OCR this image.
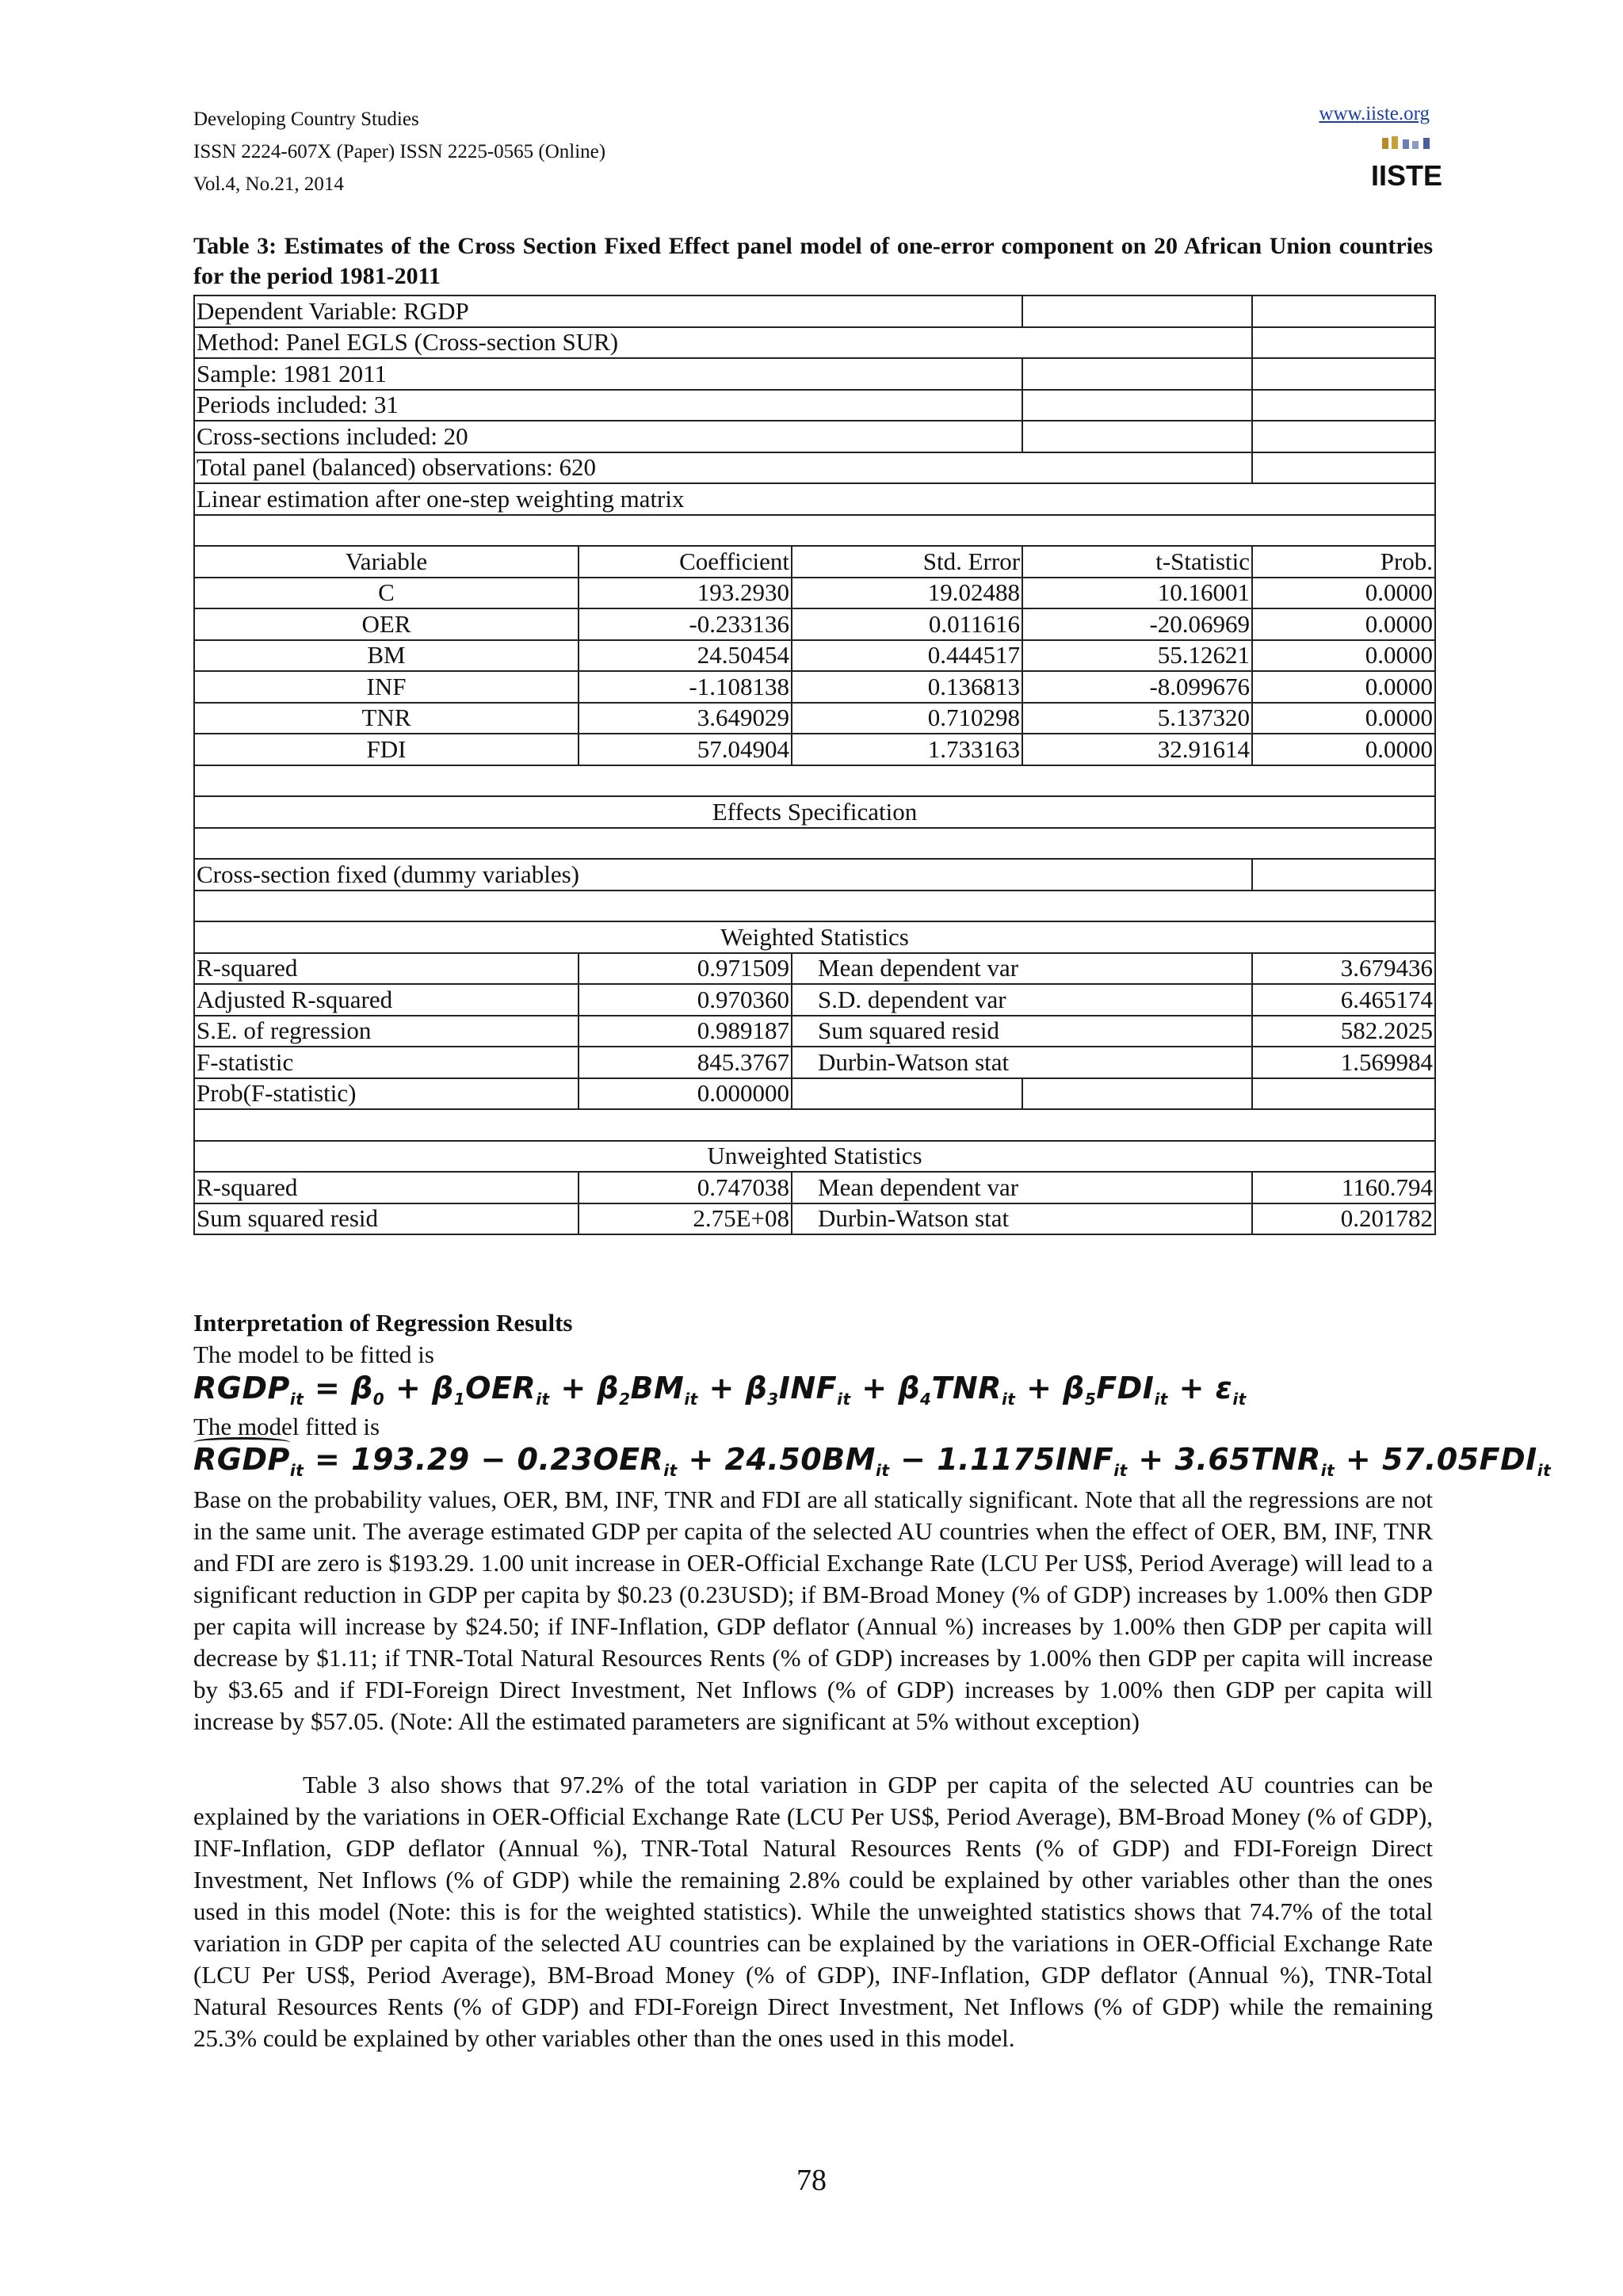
Developing Country Studies
ISSN 2224-607X (Paper) ISSN 2225-0565 (Online)
Vol.4, No.21, 2014
www.iiste.org
IISTE
Table 3: Estimates of the Cross Section Fixed Effect panel model of one-error component on 20 African Union countries for the period 1981-2011
Dependent Variable: RGDP				
Method: Panel EGLS (Cross-section SUR)				
Sample: 1981 2011				
Periods included: 31				
Cross-sections included: 20				
Total panel (balanced) observations: 620				
Linear estimation after one-step weighting matrix				

Variable	Coefficient	Std. Error	t-Statistic	Prob.
C	193.2930	19.02488	10.16001	0.0000
OER	-0.233136	0.011616	-20.06969	0.0000
BM	24.50454	0.444517	55.12621	0.0000
INF	-1.108138	0.136813	-8.099676	0.0000
TNR	3.649029	0.710298	5.137320	0.0000
FDI	57.04904	1.733163	32.91614	0.0000

Effects Specification				

Cross-section fixed (dummy variables)				

Weighted Statistics				
R-squared	0.971509	Mean dependent var		3.679436
Adjusted R-squared	0.970360	S.D. dependent var		6.465174
S.E. of regression	0.989187	Sum squared resid		582.2025
F-statistic	845.3767	Durbin-Watson stat		1.569984
Prob(F-statistic)	0.000000			

Unweighted Statistics				
R-squared	0.747038	Mean dependent var		1160.794
Sum squared resid	2.75E+08	Durbin-Watson stat		0.201782
Interpretation of Regression Results
The model to be fitted is
$RGDP_{it} = \beta_0 + \beta_1OER_{it} + \beta_2BM_{it} + \beta_3INF_{it} + \beta_4TNR_{it} + \beta_5FDI_{it} + \varepsilon_{it}$
The model fitted is
RGDP
$_{it} = 193.29 - 0.23OER_{it} + 24.50BM_{it} - 1.1175INF_{it} + 3.65TNR_{it} + 57.05FDI_{it}$
Base on the probability values, OER, BM, INF, TNR and FDI are all statically significant. Note that all the regressions are not in the same unit. The average estimated GDP per capita of the selected AU countries when the effect of OER, BM, INF, TNR and FDI are zero is $193.29. 1.00 unit increase in OER-Official Exchange Rate (LCU Per US$, Period Average) will lead to a significant reduction in GDP per capita by $0.23 (0.23USD); if BM-Broad Money (% of GDP) increases by 1.00% then GDP per capita will increase by $24.50; if INF-Inflation, GDP deflator (Annual %) increases by 1.00% then GDP per capita will decrease by $1.11; if TNR-Total Natural Resources Rents (% of GDP) increases by 1.00% then GDP per capita will increase by $3.65 and if FDI-Foreign Direct Investment, Net Inflows (% of GDP) increases by 1.00% then GDP per capita will increase by $57.05. (Note: All the estimated parameters are significant at 5% without exception)
Table 3 also shows that 97.2% of the total variation in GDP per capita of the selected AU countries can be explained by the variations in OER-Official Exchange Rate (LCU Per US$, Period Average), BM-Broad Money (% of GDP), INF-Inflation, GDP deflator (Annual %), TNR-Total Natural Resources Rents (% of GDP) and FDI-Foreign Direct Investment, Net Inflows (% of GDP) while the remaining 2.8% could be explained by other variables other than the ones used in this model (Note: this is for the weighted statistics). While the unweighted statistics shows that 74.7% of the total variation in GDP per capita of the selected AU countries can be explained by the variations in OER-Official Exchange Rate (LCU Per US$, Period Average), BM-Broad Money (% of GDP), INF-Inflation, GDP deflator (Annual %), TNR-Total Natural Resources Rents (% of GDP) and FDI-Foreign Direct Investment, Net Inflows (% of GDP) while the remaining 25.3% could be explained by other variables other than the ones used in this model.
78
